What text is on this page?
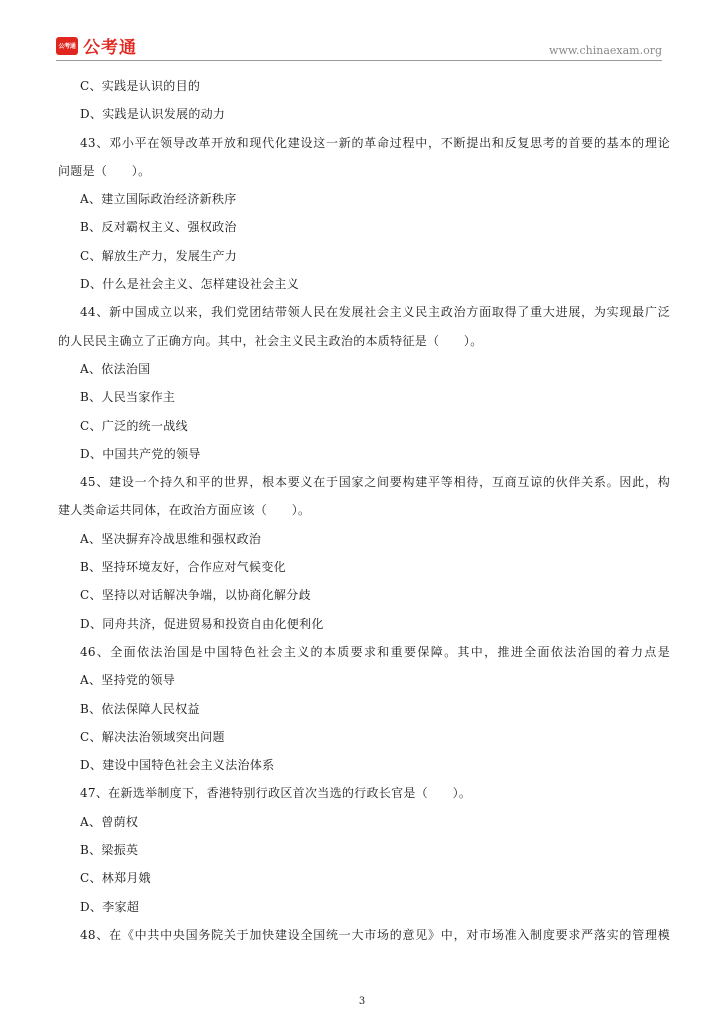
公考通 公考通	www.chinaexam.org
C、实践是认识的目的
D、实践是认识发展的动力
43、邓小平在领导改革开放和现代化建设这一新的革命过程中，不断提出和反复思考的首要的基本的理论
问题是（　　）。
A、建立国际政治经济新秩序
B、反对霸权主义、强权政治
C、解放生产力，发展生产力
D、什么是社会主义、怎样建设社会主义
44、新中国成立以来，我们党团结带领人民在发展社会主义民主政治方面取得了重大进展，为实现最广泛
的人民民主确立了正确方向。其中，社会主义民主政治的本质特征是（　　）。
A、依法治国
B、人民当家作主
C、广泛的统一战线
D、中国共产党的领导
45、建设一个持久和平的世界，根本要义在于国家之间要构建平等相待，互商互谅的伙伴关系。因此，构
建人类命运共同体，在政治方面应该（　　）。
A、坚决摒弃冷战思维和强权政治
B、坚持环境友好，合作应对气候变化
C、坚持以对话解决争端，以协商化解分歧
D、同舟共济，促进贸易和投资自由化便利化
46、全面依法治国是中国特色社会主义的本质要求和重要保障。其中，推进全面依法治国的着力点是　　
A、坚持党的领导
B、依法保障人民权益
C、解决法治领域突出问题
D、建设中国特色社会主义法治体系
47、在新选举制度下，香港特别行政区首次当选的行政长官是（　　）。
A、曾荫权
B、梁振英
C、林郑月娥
D、李家超
48、在《中共中央国务院关于加快建设全国统一大市场的意见》中，对市场准入制度要求严落实的管理模
3
